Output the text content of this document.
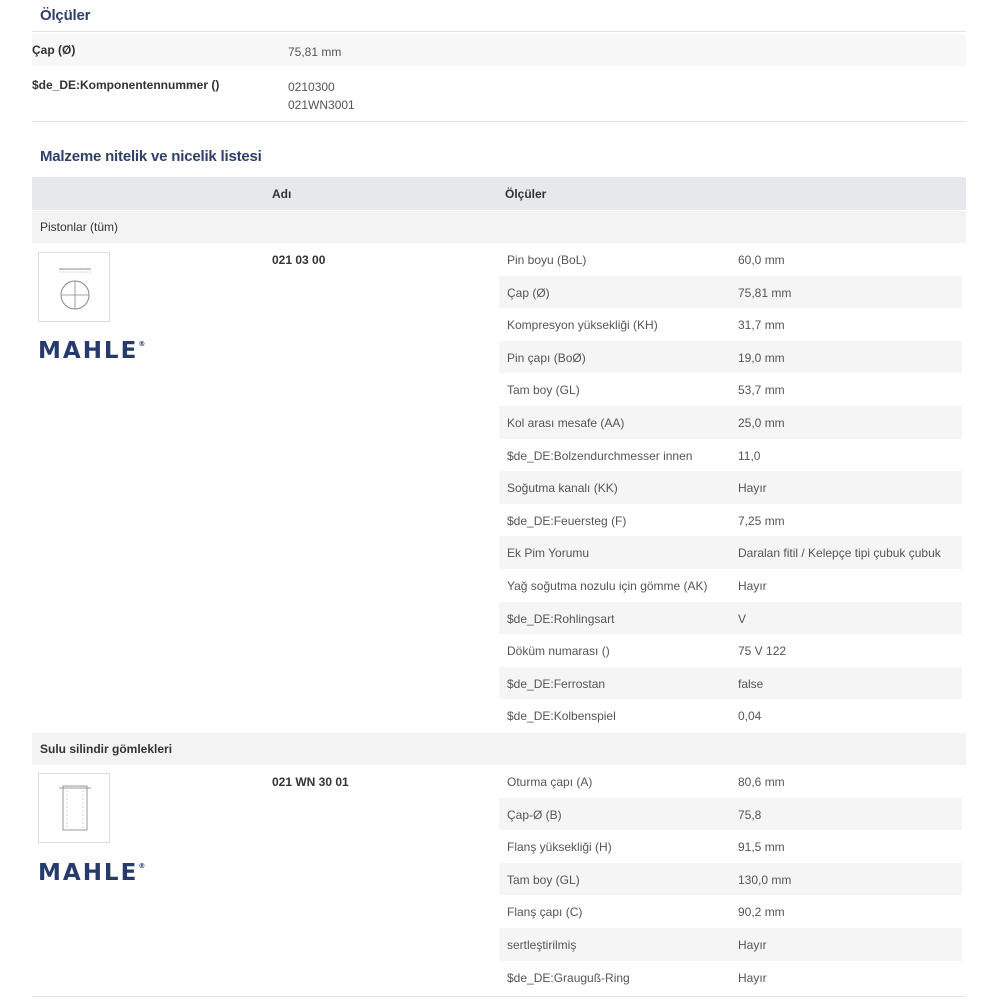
Ölçüler
Çap (Ø)	75,81 mm
$de_DE:Komponentennummer ()	0210300
021WN3001
Malzeme nitelik ve nicelik listesi
Adı	Ölçüler
Pistonlar (tüm)
MAHLE®
021 03 00	Pin boyu (BoL)	60,0 mm
Çap (Ø)	75,81 mm
Kompresyon yüksekliği (KH)	31,7 mm
Pin çapı (BoØ)	19,0 mm
Tam boy (GL)	53,7 mm
Kol arası mesafe (AA)	25,0 mm
$de_DE:Bolzendurchmesser innen	11,0
Soğutma kanalı (KK)	Hayır
$de_DE:Feuersteg (F)	7,25 mm
Ek Pim Yorumu	Daralan fitil / Kelepçe tipi çubuk çubuk
Yağ soğutma nozulu için gömme (AK)	Hayır
$de_DE:Rohlingsart	V
Döküm numarası ()	75 V 122
$de_DE:Ferrostan	false
$de_DE:Kolbenspiel	0,04
Sulu silindir gömlekleri
MAHLE®
021 WN 30 01	Oturma çapı (A)	80,6 mm
Çap-Ø (B)	75,8
Flanş yüksekliği (H)	91,5 mm
Tam boy (GL)	130,0 mm
Flanş çapı (C)	90,2 mm
sertleştirilmiş	Hayır
$de_DE:Grauguß-Ring	Hayır
